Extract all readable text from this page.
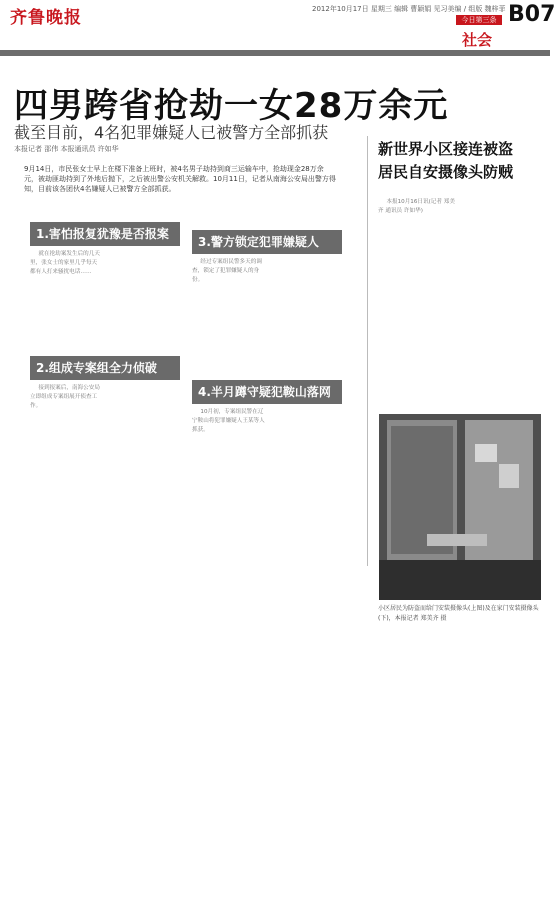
齐鲁晚报	2012年10月17日 星期三 编辑 曹颖娟 见习美编 / 组版 魏梓菲
今日第三条 B07
社会
四男跨省抢劫一女28万余元
截至目前，4名犯罪嫌疑人已被警方全部抓获
本报记者 邵伟 本报通讯员 许如华
9月14日，市民张女士早上在楼下准备上班时，被4名男子劫持到商三运输车中，抢劫现金28万余元，被劫匪劫持到了外地后抛下，之后被出警公安机关解救。10月11日，记者从南海公安局出警方得知，目前该各团伙4名嫌疑人已被警方全部抓获。
1.害怕报复犹豫是否报案
3.警方锁定犯罪嫌疑人
2.组成专案组全力侦破
4.半月蹲守疑犯鞍山落网

就在抢劫案发生后的几天里，张女士的家里几乎每天都有人打来骚扰电话……

经过专案组民警多天的调查，锁定了犯罪嫌疑人的身份。

接到报案后，南海公安局立即组成专案组展开侦查工作。

10月初，专案组民警在辽宁鞍山将犯罪嫌疑人王某等人抓获。

新世界小区接连被盗
居民自安摄像头防贼

本报10月16日讯(记者 郑美齐 通讯员 许如华)

小区居民为防盗而给门安装摄像头(上图)及在家门安装摄像头(下)，本报记者 郑美齐 摄
